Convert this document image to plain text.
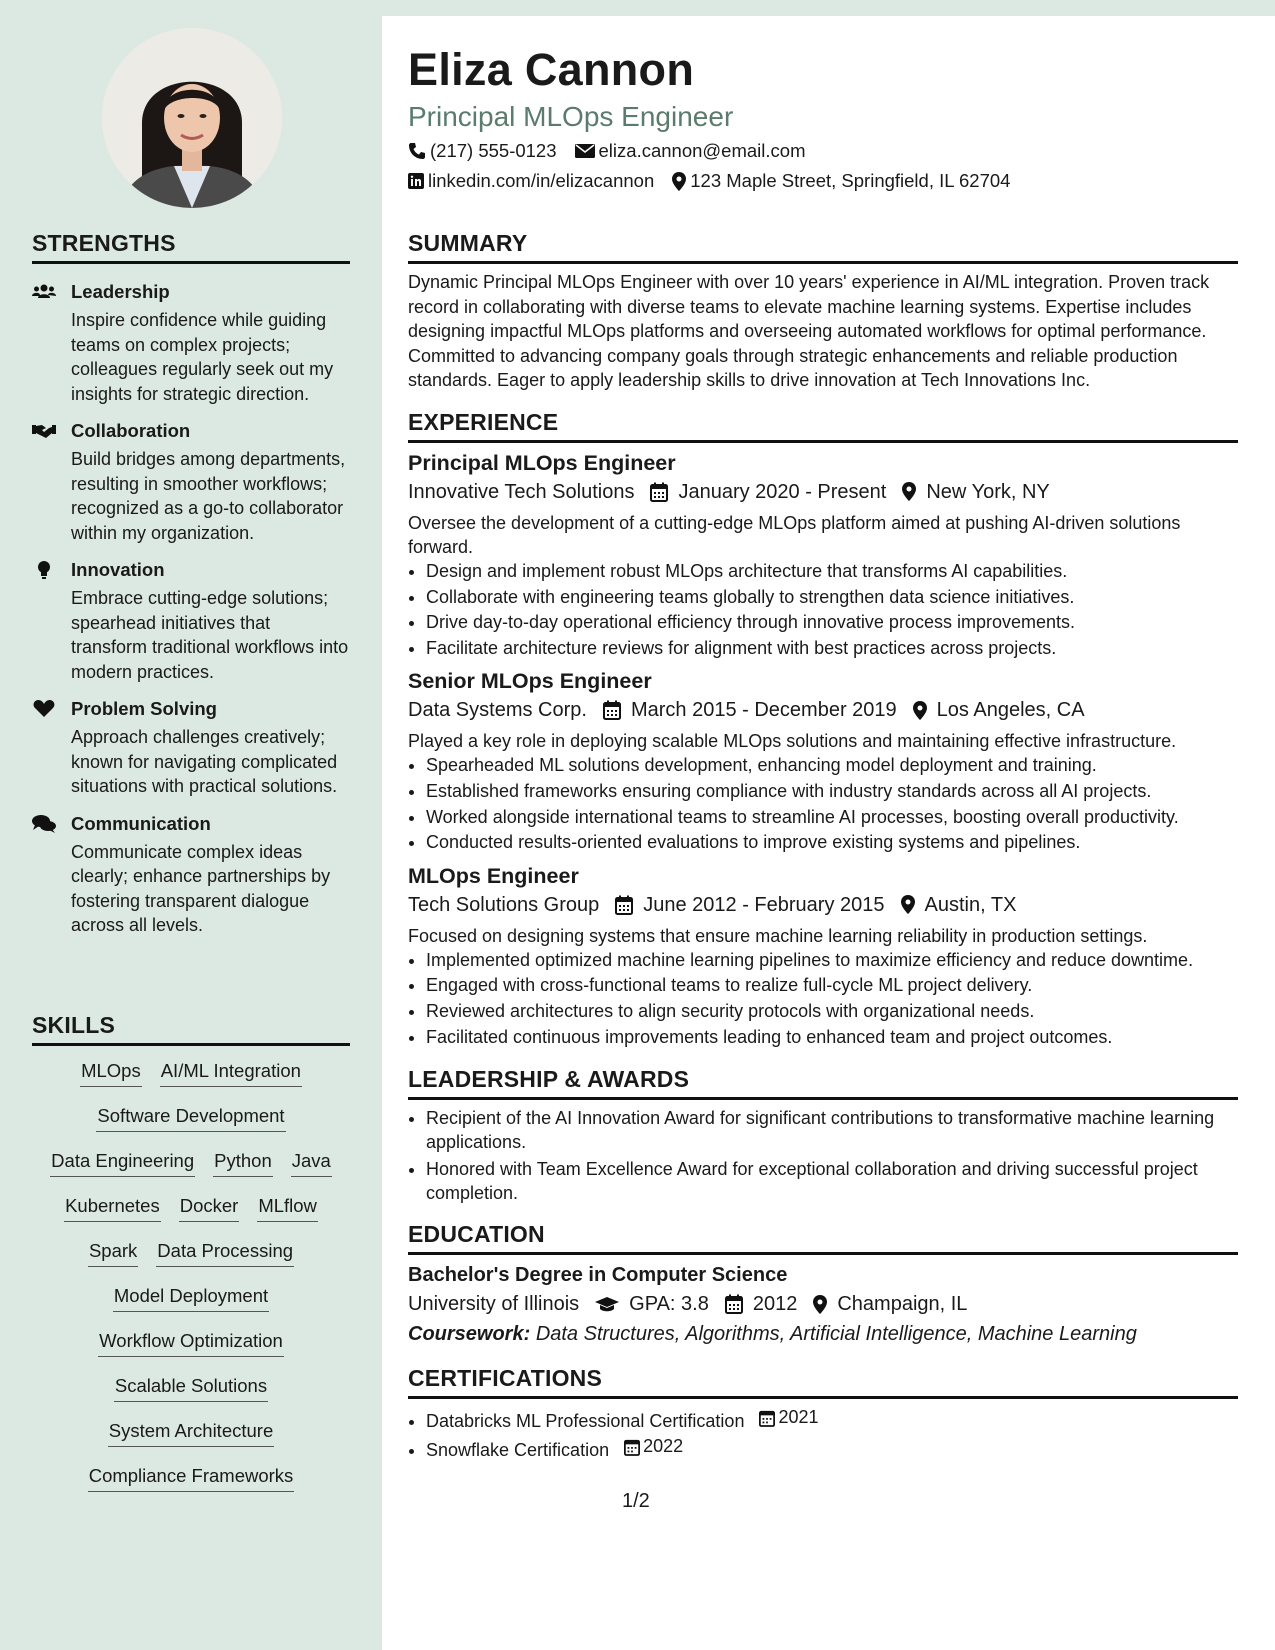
STRENGTHS
Leadership
Inspire confidence while guiding teams on complex projects; colleagues regularly seek out my insights for strategic direction.
Collaboration
Build bridges among departments, resulting in smoother workflows; recognized as a go-to collaborator within my organization.
Innovation
Embrace cutting-edge solutions; spearhead initiatives that transform traditional workflows into modern practices.
Problem Solving
Approach challenges creatively; known for navigating complicated situations with practical solutions.
Communication
Communicate complex ideas clearly; enhance partnerships by fostering transparent dialogue across all levels.
SKILLS
MLOps AI/ML Integration
Software Development
Data Engineering Python Java
Kubernetes Docker MLflow
Spark Data Processing
Model Deployment
Workflow Optimization
Scalable Solutions
System Architecture
Compliance Frameworks
Eliza Cannon
Principal MLOps Engineer
(217) 555-0123 eliza.cannon@email.com
linkedin.com/in/elizacannon 123 Maple Street, Springfield, IL 62704
SUMMARY
Dynamic Principal MLOps Engineer with over 10 years' experience in AI/ML integration. Proven track record in collaborating with diverse teams to elevate machine learning systems. Expertise includes designing impactful MLOps platforms and overseeing automated workflows for optimal performance. Committed to advancing company goals through strategic enhancements and reliable production standards. Eager to apply leadership skills to drive innovation at Tech Innovations Inc.
EXPERIENCE
Principal MLOps Engineer
Innovative Tech Solutions January 2020 - Present New York, NY
Oversee the development of a cutting-edge MLOps platform aimed at pushing AI-driven solutions forward.
• Design and implement robust MLOps architecture that transforms AI capabilities.
• Collaborate with engineering teams globally to strengthen data science initiatives.
• Drive day-to-day operational efficiency through innovative process improvements.
• Facilitate architecture reviews for alignment with best practices across projects.
Senior MLOps Engineer
Data Systems Corp. March 2015 - December 2019 Los Angeles, CA
Played a key role in deploying scalable MLOps solutions and maintaining effective infrastructure.
• Spearheaded ML solutions development, enhancing model deployment and training.
• Established frameworks ensuring compliance with industry standards across all AI projects.
• Worked alongside international teams to streamline AI processes, boosting overall productivity.
• Conducted results-oriented evaluations to improve existing systems and pipelines.
MLOps Engineer
Tech Solutions Group June 2012 - February 2015 Austin, TX
Focused on designing systems that ensure machine learning reliability in production settings.
• Implemented optimized machine learning pipelines to maximize efficiency and reduce downtime.
• Engaged with cross-functional teams to realize full-cycle ML project delivery.
• Reviewed architectures to align security protocols with organizational needs.
• Facilitated continuous improvements leading to enhanced team and project outcomes.
LEADERSHIP & AWARDS
• Recipient of the AI Innovation Award for significant contributions to transformative machine learning applications.
• Honored with Team Excellence Award for exceptional collaboration and driving successful project completion.
EDUCATION
Bachelor's Degree in Computer Science
University of Illinois	GPA: 3.8 2012 Champaign, IL
Coursework: Data Structures, Algorithms, Artificial Intelligence, Machine Learning
CERTIFICATIONS
• Databricks ML Professional Certification 2021
• Snowflake Certification 2022
1/2
